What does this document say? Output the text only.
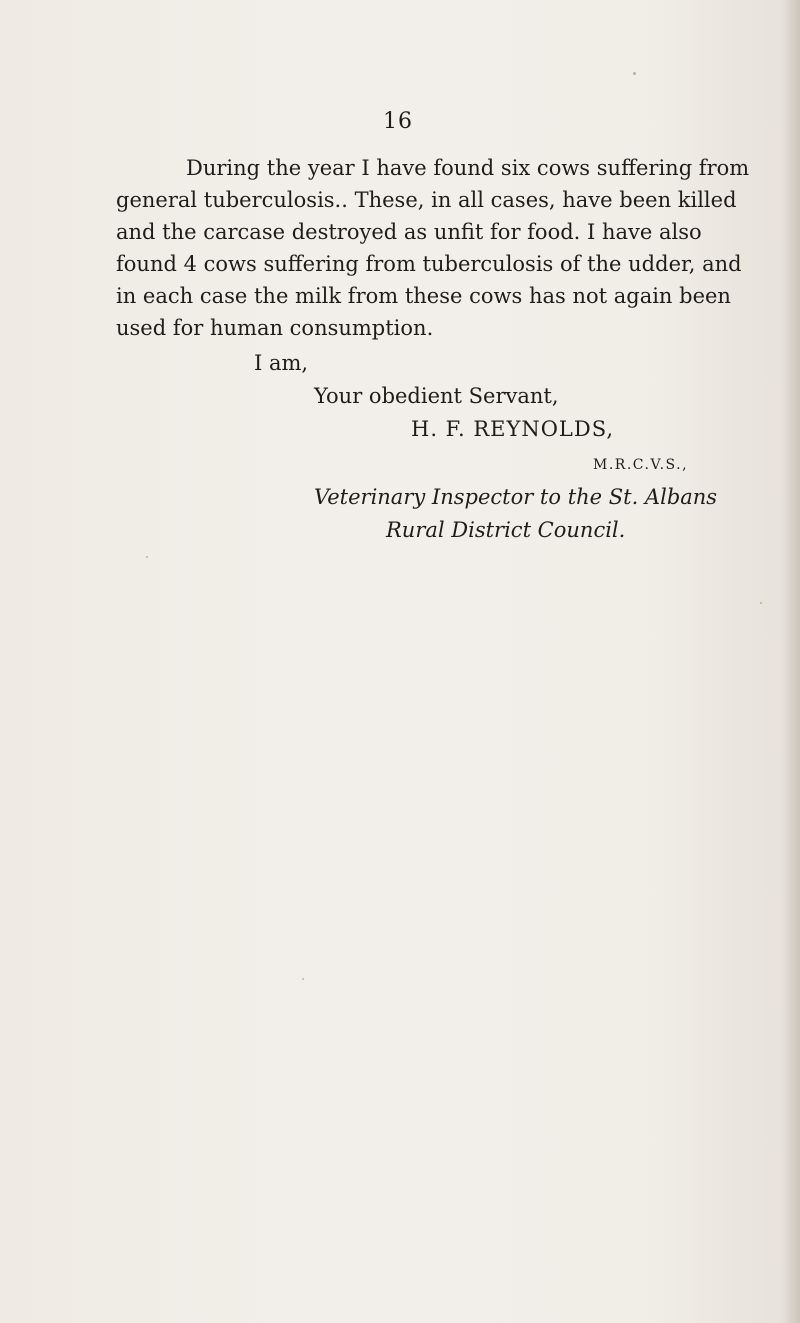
16
During the year I have found six cows suffering from
general tuberculosis.. These, in all cases, have been killed
and the carcase destroyed as unfit for food. I have also
found 4 cows suffering from tuberculosis of the udder, and
in each case the milk from these cows has not again been
used for human consumption.
I am,
Your obedient Servant,
H. F. REYNOLDS,
M.R.C.V.S.,
Veterinary Inspector to the St. Albans
Rural District Council.
